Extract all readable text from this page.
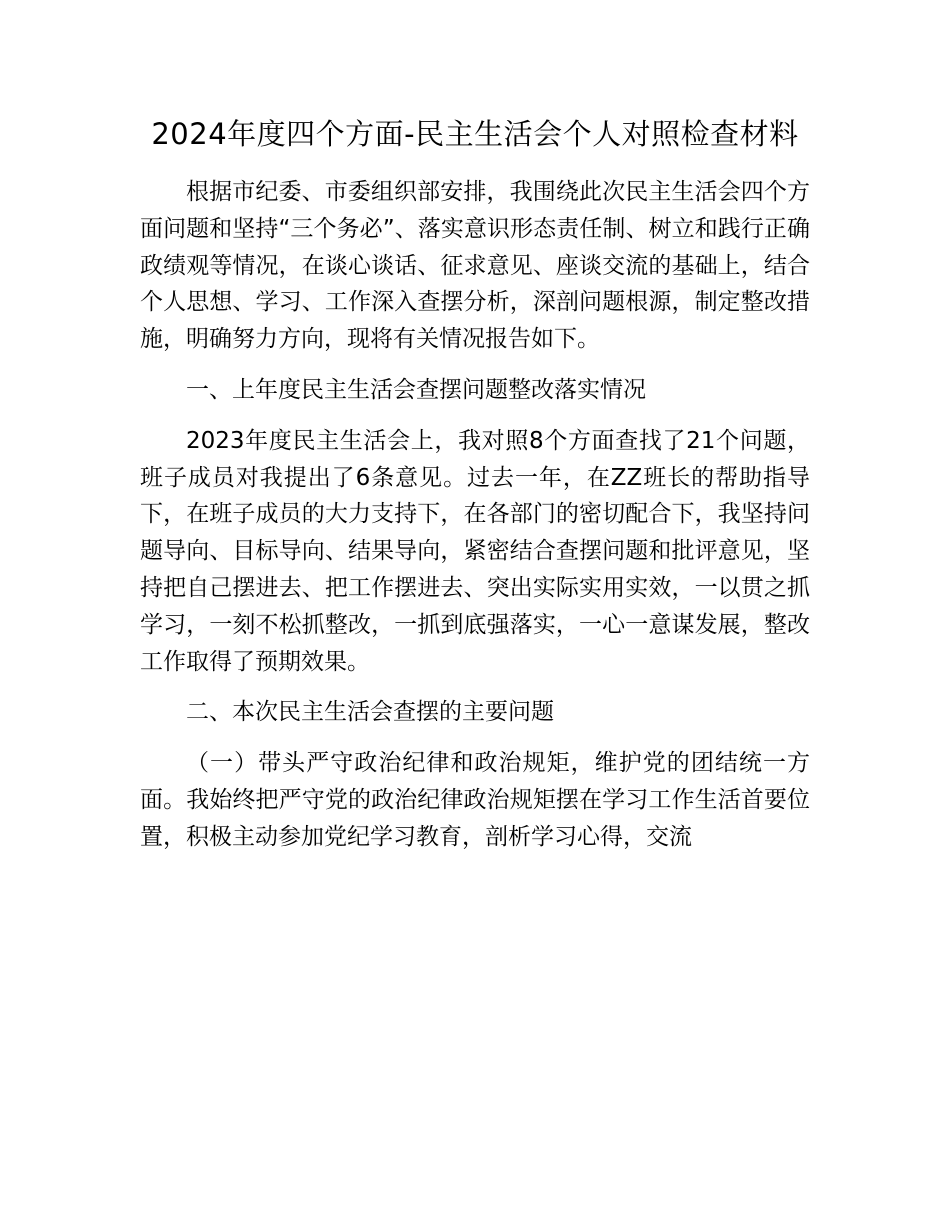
2024年度四个方面-民主生活会个人对照检查材料

根据市纪委、市委组织部安排，我围绕此次民主生活会四个方面问题和坚持“三个务必”、落实意识形态责任制、树立和践行正确政绩观等情况，在谈心谈话、征求意见、座谈交流的基础上，结合个人思想、学习、工作深入查摆分析，深剖问题根源，制定整改措施，明确努力方向，现将有关情况报告如下。

一、上年度民主生活会查摆问题整改落实情况

2023年度民主生活会上，我对照8个方面查找了21个问题，班子成员对我提出了6条意见。过去一年，在ZZ班长的帮助指导下，在班子成员的大力支持下，在各部门的密切配合下，我坚持问题导向、目标导向、结果导向，紧密结合查摆问题和批评意见，坚持把自己摆进去、把工作摆进去、突出实际实用实效，一以贯之抓学习，一刻不松抓整改，一抓到底强落实，一心一意谋发展，整改工作取得了预期效果。

二、本次民主生活会查摆的主要问题

（一）带头严守政治纪律和政治规矩，维护党的团结统一方面。我始终把严守党的政治纪律政治规矩摆在学习工作生活首要位置，积极主动参加党纪学习教育，剖析学习心得，交流
